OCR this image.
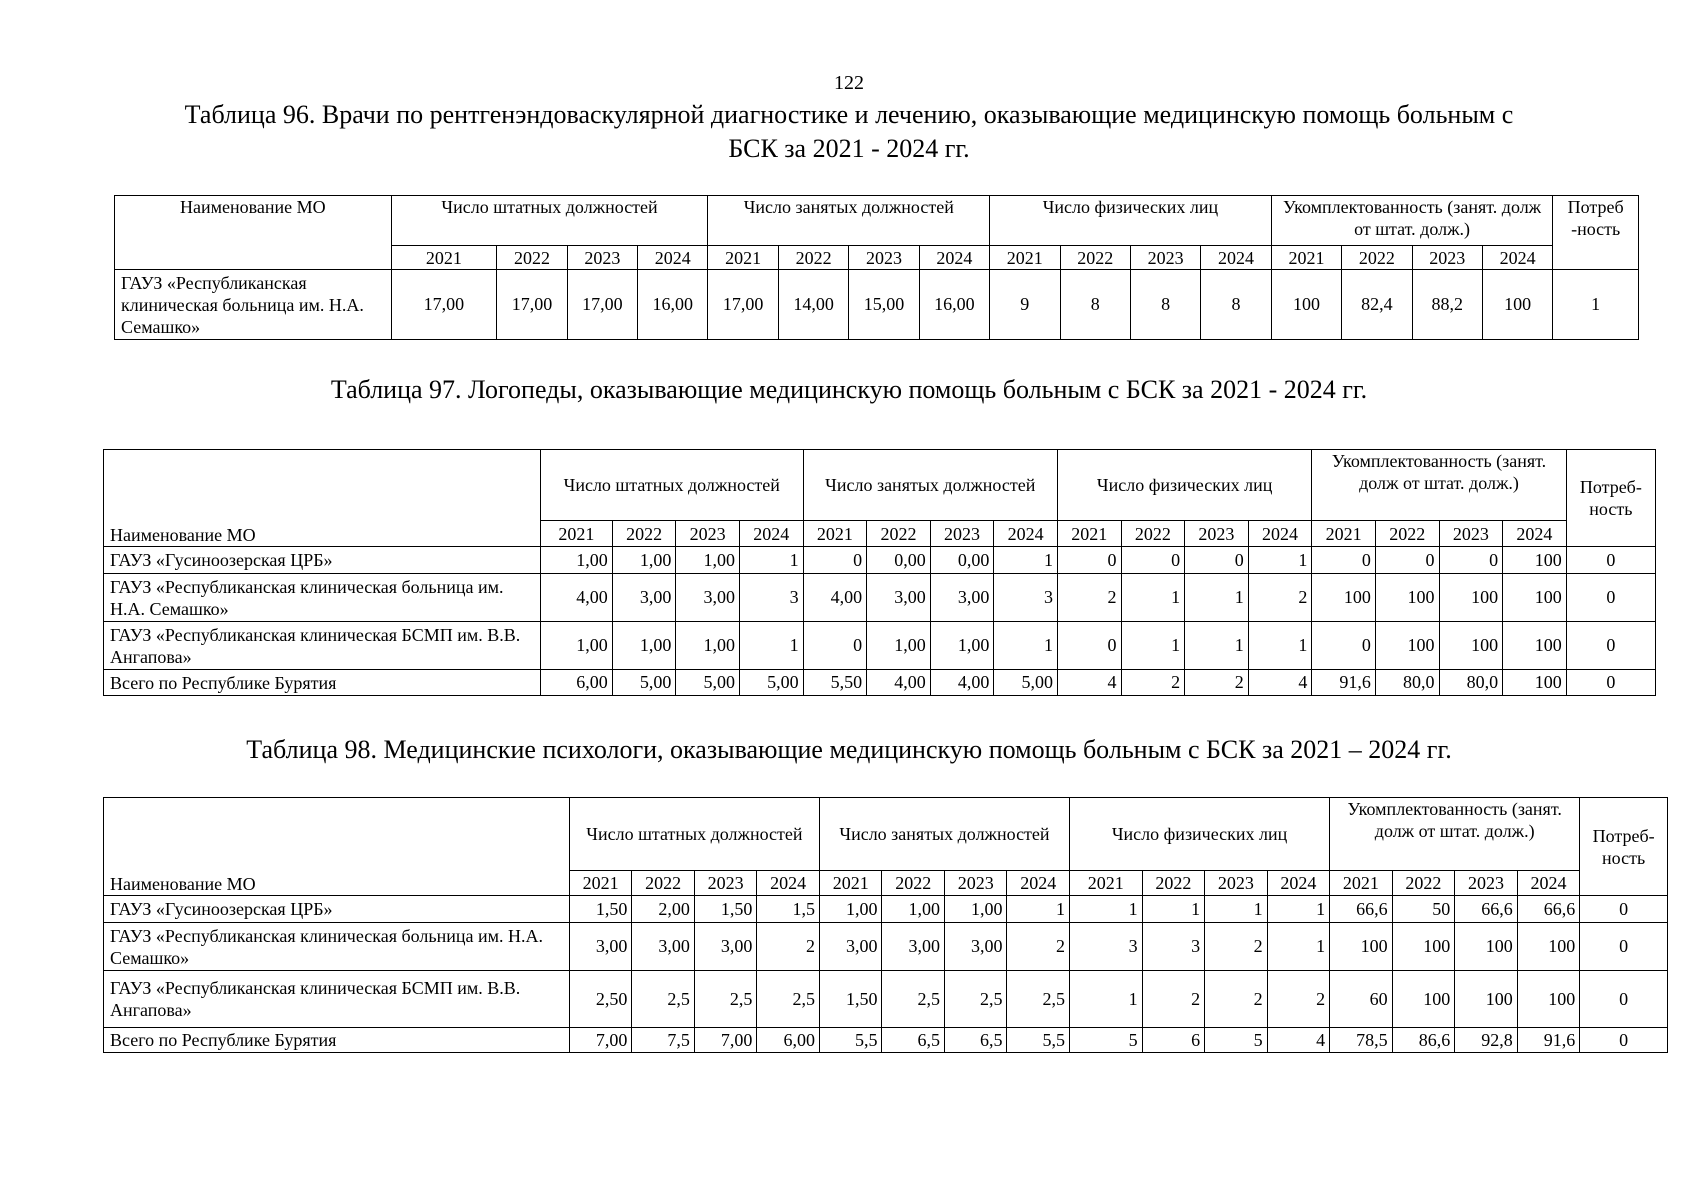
122
Таблица 96. Врачи по рентгенэндоваскулярной диагностике и лечению, оказывающие медицинскую помощь больным с
БСК за 2021 - 2024 гг.
Наименование МО	Число штатных должностей				Число занятых должностей				Число физических лиц				Укомплектованность (занят. долж от штат. долж.)				Потреб -ность
	2021	2022	2023	2024	2021	2022	2023	2024	2021	2022	2023	2024	2021	2022	2023	2024	
ГАУЗ «Республиканская клиническая больница им. Н.А. Семашко»	17,00	17,00	17,00	16,00	17,00	14,00	15,00	16,00	9	8	8	8	100	82,4	88,2	100	1
Таблица 97. Логопеды, оказывающие медицинскую помощь больным с БСК за 2021 - 2024 гг.
Наименование МО	Число штатных должностей				Число занятых должностей				Число физических лиц				Укомплектованность (занят. долж от штат. долж.)				Потреб-ность
	2021	2022	2023	2024	2021	2022	2023	2024	2021	2022	2023	2024	2021	2022	2023	2024	
ГАУЗ «Гусиноозерская ЦРБ»	1,00	1,00	1,00	1	0	0,00	0,00	1	0	0	0	1	0	0	0	100	0
ГАУЗ «Республиканская клиническая больница им. Н.А. Семашко»	4,00	3,00	3,00	3	4,00	3,00	3,00	3	2	1	1	2	100	100	100	100	0
ГАУЗ «Республиканская клиническая БСМП им. В.В. Ангапова»	1,00	1,00	1,00	1	0	1,00	1,00	1	0	1	1	1	0	100	100	100	0
Всего по Республике Бурятия	6,00	5,00	5,00	5,00	5,50	4,00	4,00	5,00	4	2	2	4	91,6	80,0	80,0	100	0
Таблица 98. Медицинские психологи, оказывающие медицинскую помощь больным с БСК за 2021 – 2024 гг.
Наименование МО	Число штатных должностей				Число занятых должностей				Число физических лиц				Укомплектованность (занят. долж от штат. долж.)				Потреб-ность
	2021	2022	2023	2024	2021	2022	2023	2024	2021	2022	2023	2024	2021	2022	2023	2024	
ГАУЗ «Гусиноозерская ЦРБ»	1,50	2,00	1,50	1,5	1,00	1,00	1,00	1	1	1	1	1	66,6	50	66,6	66,6	0
ГАУЗ «Республиканская клиническая больница им. Н.А. Семашко»	3,00	3,00	3,00	2	3,00	3,00	3,00	2	3	3	2	1	100	100	100	100	0
ГАУЗ «Республиканская клиническая БСМП им. В.В. Ангапова»	2,50	2,5	2,5	2,5	1,50	2,5	2,5	2,5	1	2	2	2	60	100	100	100	0
Всего по Республике Бурятия	7,00	7,5	7,00	6,00	5,5	6,5	6,5	5,5	5	6	5	4	78,5	86,6	92,8	91,6	0
